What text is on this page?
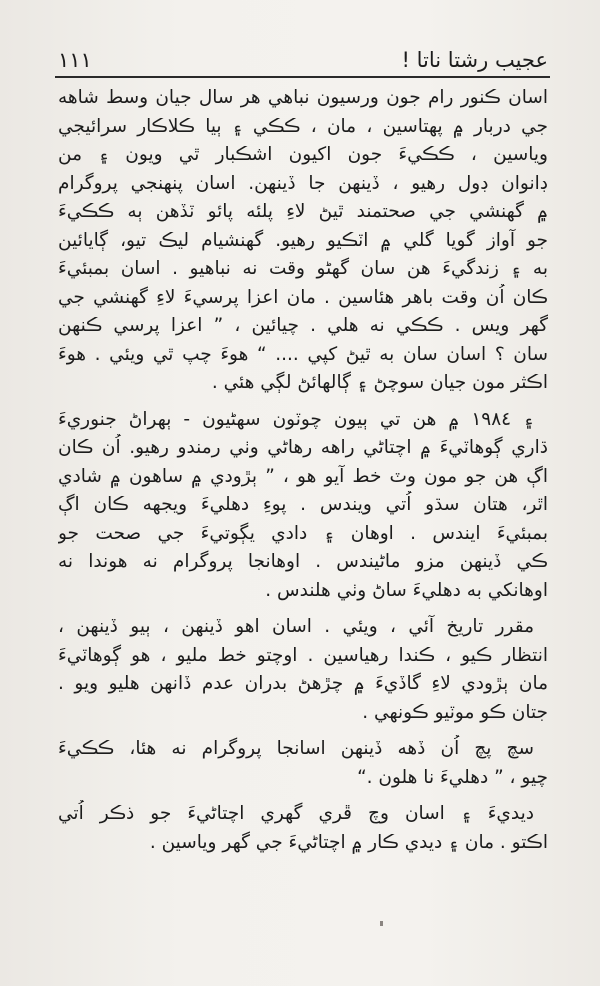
عجيب رشتا ناتا !
١١١

اسان ڪنور رام جون ورسيون نباهي هر سال جيان وسط شاهه
جي دربار ۾ پهتاسين ، مان ، ڪڪي ۽ ٻيا ڪلاڪار سرائيجي
وياسين ، ڪڪيءَ جون اکيون اشڪبار ٿي ويون ۽ من
ڊانوان ڊول رهيو ، ڏينهن جا ڏينهن. اسان پنهنجي پروگرام
۾ گهنشي جي صحتمند ٿيڻ لاءِ پلئه پائو ٽڏهن ٻه ڪڪيءَ
جو آواز گويا گلي ۾ اٽڪيو رهيو. گهنشيام ليڪ تيو، ڳايائين
به ۽ زندگيءَ هن سان گهڻو وقت نه نباهيو . اسان بمبئيءَ
ڪان اُن وقت باهر هئاسين . مان اعزا پرسيءَ لاءِ گهنشي جي
گهر ويس . ڪڪي نه هلي . چيائين ، ” اعزا پرسي ڪنهن
سان ؟ اسان سان به ٿيڻ کپي .... “ هوءَ چپ ٿي ويئي . هوءَ
اڪثر مون جيان سوچڻ ۽ ڳالهائڻ لڳي هئي .

۽ ١٩٨٤ ۾ هن تي ٻيون چوٽون سهڻيون - ٻهراڻ جنوريءَ
ڌاري ڳوهاٽيءَ ۾ اچتاڻي راهه رهاڻي وٺي رمندو رهيو. اُن ڪان
اڳ هن جو مون وٽ خط آيو هو ، ” ٻڙودي ۾ ساهون ۾ شادي
اٿر، هتان سڌو اُتي ويندس . پوءِ دهليءَ ويجهه ڪان اڳ
بمبئيءَ ايندس . اوهان ۽ دادي يڳوتيءَ جي صحت جو
ڪي ڏينهن مزو ماڻيندس . اوهانجا پروگرام نه هوندا نه
اوهانکي به دهليءَ ساڻ وٺي هلندس .

مقرر تاريخ آئي ، ويئي . اسان اهو ڏينهن ، ٻيو ڏينهن ،
انتظار ڪيو ، ڪندا رهياسين . اوچتو خط مليو ، هو ڳوهاٽيءَ
مان ٻڙودي لاءِ گاڏيءَ ۾ چڙهڻ بدران عدم ڏانهن هليو ويو .
جتان ڪو موٽيو ڪونهي .

سچ پچ اُن ڏهه ڏينهن اسانجا پروگرام نه هئا، ڪڪيءَ
چيو ، ” دهليءَ نا هلون .“

ديديءَ ۽ اسان وچ ڦري گهري اچتاڻيءَ جو ذڪر اُتي
اڪتو . مان ۽ ديدي ڪار ۾ اچتاڻيءَ جي گهر وياسين .
